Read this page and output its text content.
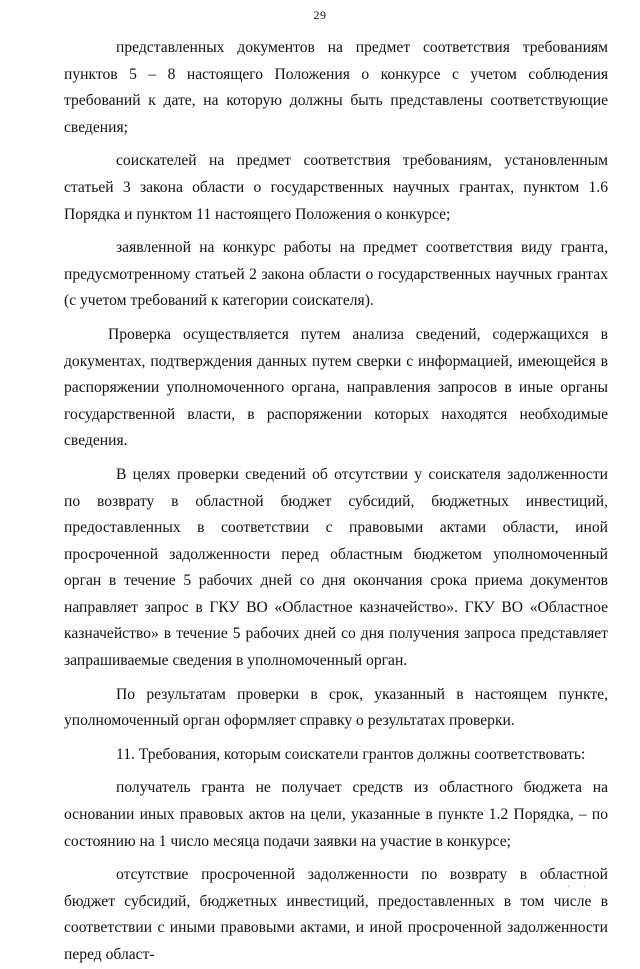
29

представленных документов на предмет соответствия требованиям пунктов 5 – 8 настоящего Положения о конкурсе с учетом соблюдения требований к дате, на которую должны быть представлены соответствующие сведения;

соискателей на предмет соответствия требованиям, установленным статьей 3 закона области о государственных научных грантах, пунктом 1.6 Порядка и пунктом 11 настоящего Положения о конкурсе;

заявленной на конкурс работы на предмет соответствия виду гранта, предусмотренному статьей 2 закона области о государственных научных грантах (с учетом требований к категории соискателя).

Проверка осуществляется путем анализа сведений, содержащихся в документах, подтверждения данных путем сверки с информацией, имеющейся в распоряжении уполномоченного органа, направления запросов в иные органы государственной власти, в распоряжении которых находятся необходимые сведения.

В целях проверки сведений об отсутствии у соискателя задолженности по возврату в областной бюджет субсидий, бюджетных инвестиций, предоставленных в соответствии с правовыми актами области, иной просроченной задолженности перед областным бюджетом уполномоченный орган в течение 5 рабочих дней со дня окончания срока приема документов направляет запрос в ГКУ ВО «Областное казначейство». ГКУ ВО «Областное казначейство» в течение 5 рабочих дней со дня получения запроса представляет запрашиваемые сведения в уполномоченный орган.

По результатам проверки в срок, указанный в настоящем пункте, уполномоченный орган оформляет справку о результатах проверки.

11. Требования, которым соискатели грантов должны соответствовать:

получатель гранта не получает средств из областного бюджета на основании иных правовых актов на цели, указанные в пункте 1.2 Порядка, – по состоянию на 1 число месяца подачи заявки на участие в конкурсе;

отсутствие просроченной задолженности по возврату в областной бюджет субсидий, бюджетных инвестиций, предоставленных в том числе в соответствии с иными правовыми актами, и иной просроченной задолженности перед област-

' '
